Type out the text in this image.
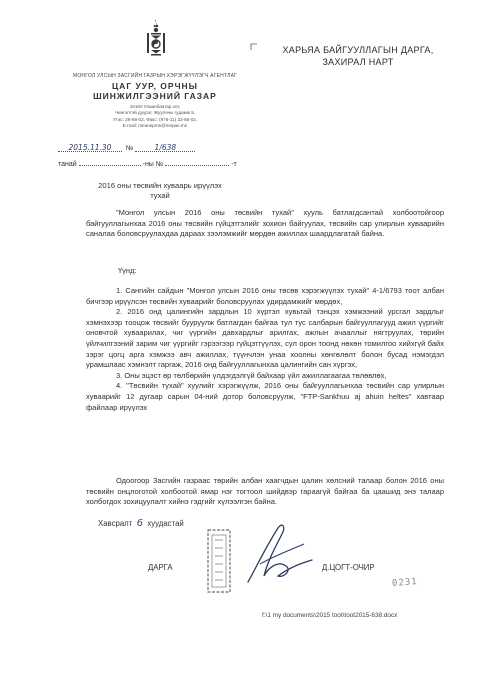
МОНГОЛ УЛСЫН ЗАСГИЙН ГАЗРЫН ХЭРЭГЖҮҮЛЭГЧ АГЕНТЛАГ
ЦАГ УУР, ОРЧНЫ
ШИНЖИЛГЭЭНИЙ ГАЗАР
15160 Улаанбаатар хот,
Чингэлтэй дүүрэг, Жуулчны гудамж 5,
Утас: 26-68-02, Факс: (976-11) 32-65-02,
E-mail: meanepms@mepae.mn
ХАРЬЯА БАЙГУУЛЛАГЫН ДАРГА,
ЗАХИРАЛ НАРТ
2015.11.30 №	1/638
танай	-ны №	-т
2016 оны төсвийн хуваарь ирүүлэх
тухай

"Монгол улсын 2016 оны төсвийн тухай" хууль батлагдсантай холбоотойгоор байгууллагынхаа 2016 оны төсвийн гүйцэтгэлийг зохион байгуулах, төсвийн сар улирлын хуваарийн саналаа боловсруулахдаа дараах зээлэмжийг мөрдөн ажиллах шаардлагатай байна.

Үүнд:

1. Сангийн сайдын "Монгол улсын 2016 оны төсөв хэрэгжүүлэх тухай" 4-1/6793 тоот албан бичгээр ирүүлсэн төсвийн хуваарийг боловсруулах удирдамжийг мөрдөх,

2. 2016 онд цалингийн зардлын 10 хүртэл хувьтай тэнцэх хэмжээний урсгал зардлыг хэмнэхээр тооцож төсвийг бууруулж батлагдан байгаа тул тус салбарын байгууллагууд ажил үүргийг оновчтой хуваарилах, чиг үүргийн давхардлыг арилгах, ажлын ачааллыг нягтруулах, төрийн үйлчилгээний зарим чиг үүргийг гэрээгээр гүйцэтгүүлэх, сул орон тоонд нөхөн томилгоо хийхгүй байх зэрэг цогц арга хэмжээ авч ажиллах, түүнчлэн унаа хоолны хөнгөлөлт болон бусад нэмэгдэл урамшлаас хэмнэлт гаргаж, 2016 онд байгууллагынхаа цалингийн сан хүргэх,

3. Оны эцэст өр төлбөрийн үлдэгдэлгүй байхаар үйл ажиллагаагаа төлөвлөх,

4. "Төсвийн тухай" хуулийг хэрэгжүүлж, 2016 оны байгууллагынхаа төсвийн сар улирлын хуваарийг 12 дугаар сарын 04-ний дотор боловсруулж, "FTP-Sankhuu aj ahuin heltes" хавтаар файлаар ирүүлэх

Одоогоор Засгийн газраас төрийн албан хаагчдын цалин хөлсний талаар болон 2016 оны төсвийн онцлоготой холбоотой ямар нэг тогтоол шийдвэр гараагүй байгаа ба цаашид энэ талаар холбогдох зохицуулалт хийнэ гэдгийг хүлээлгэн байна.

Хавсралт 6 хуудастай
ДАРГА	Д.ЦОГТ-ОЧИР
0231
f:\1 my documents\2015 toot\toot2015-638.docx
